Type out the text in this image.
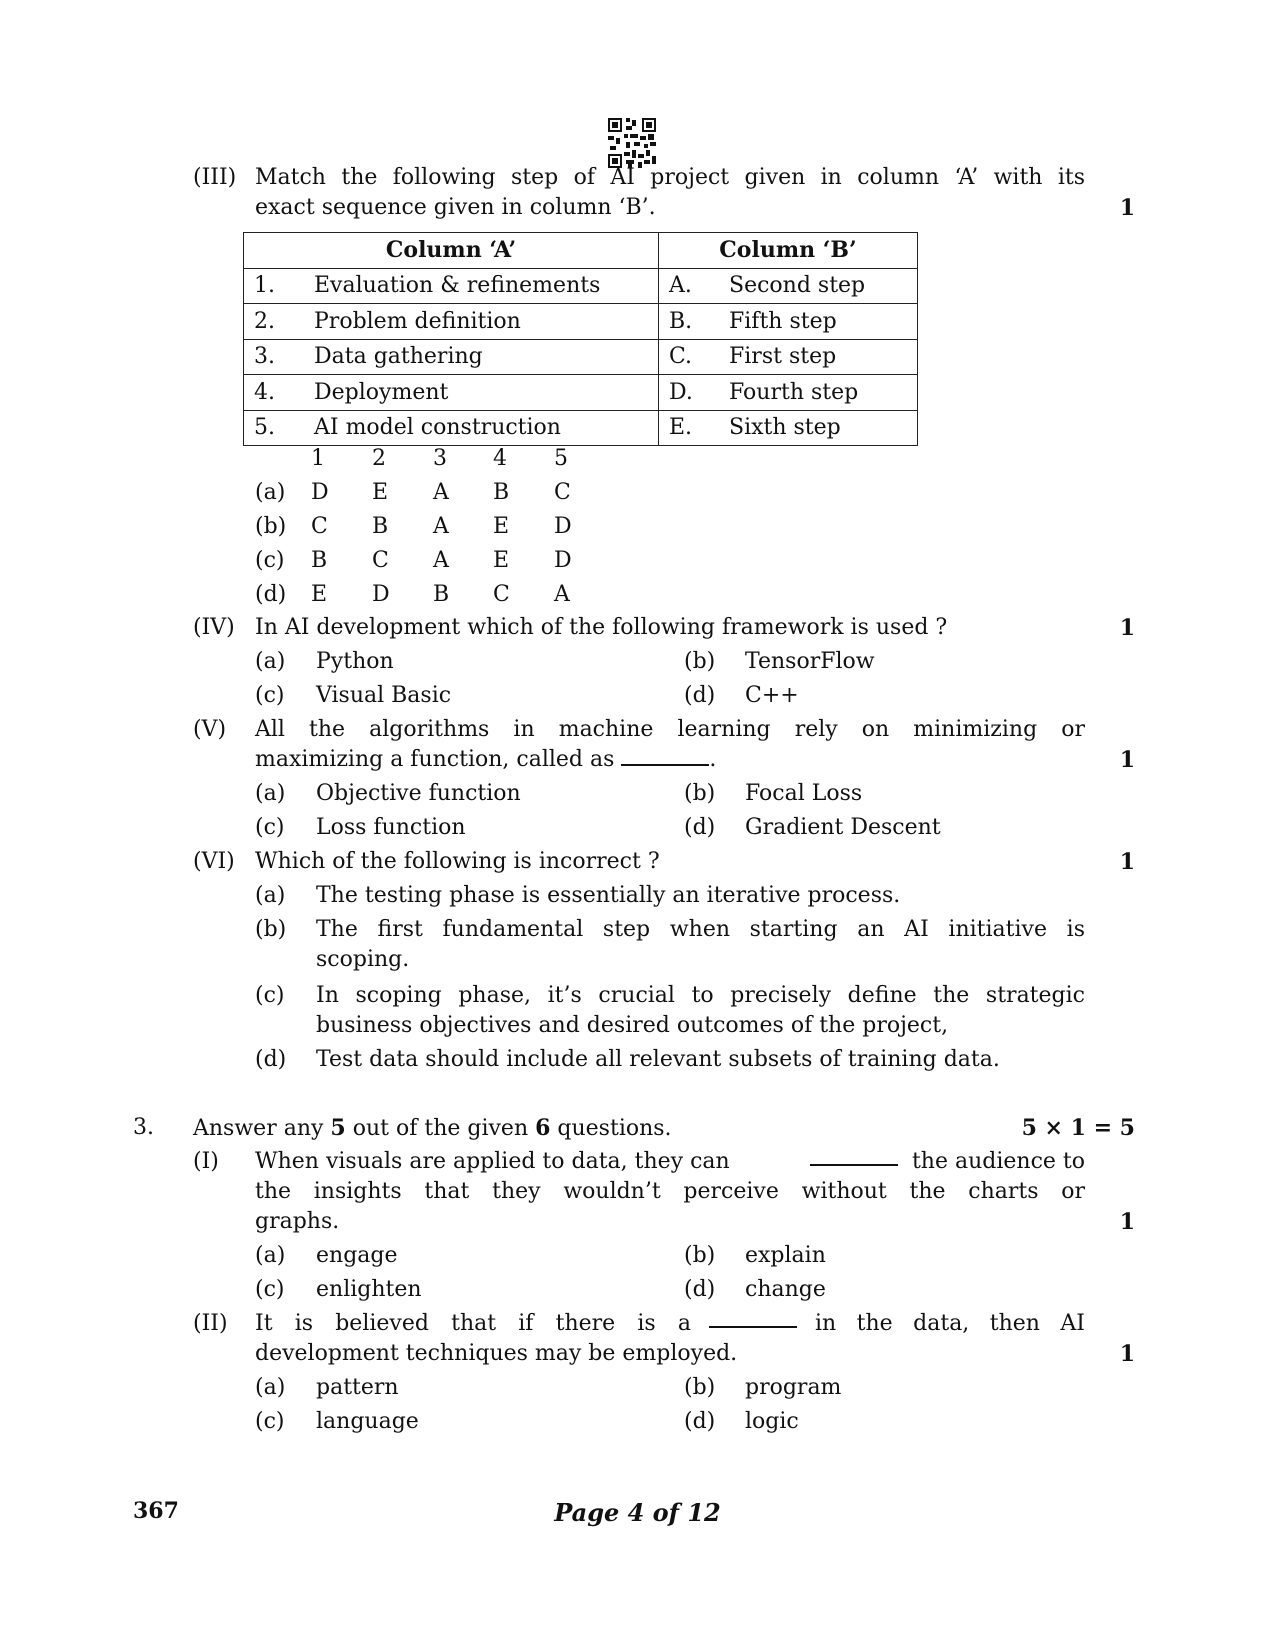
(III) Match the following step of AI project given in column ‘A’ with its
exact sequence given in column ‘B’.	1
Column ‘A’	Column ‘B’
1. Evaluation & refinements	A. Second step
2. Problem definition	B. Fifth step
3. Data gathering	C. First step
4. Deployment	D. Fourth step
5. AI model construction	E. Sixth step
1 2 3 4 5
(a) D E A B C
(b) C B A E D
(c) B C A E D
(d) E D B C A
(IV) In AI development which of the following framework is used ?	1
(a) Python	(b) TensorFlow
(c) Visual Basic	(d) C++
(V) All the algorithms in machine learning rely on minimizing or
maximizing a function, called as	.	1
(a) Objective function	(b) Focal Loss
(c) Loss function	(d) Gradient Descent
(VI) Which of the following is incorrect ?	1
(a) The testing phase is essentially an iterative process.
(b) The first fundamental step when starting an AI initiative is
scoping.
(c) In scoping phase, it’s crucial to precisely define the strategic
business objectives and desired outcomes of the project,
(d) Test data should include all relevant subsets of training data.
3. Answer any 5 out of the given 6 questions.	5 × 1 = 5
(I) When visuals are applied to data, they can	the audience to
the insights that they wouldn’t perceive without the charts or
graphs.	1
(a) engage	(b) explain
(c) enlighten	(d) change
(II) It is believed that if there is a	in the data, then AI
development techniques may be employed.	1
(a) pattern	(b) program
(c) language	(d) logic
367	Page 4 of 12
